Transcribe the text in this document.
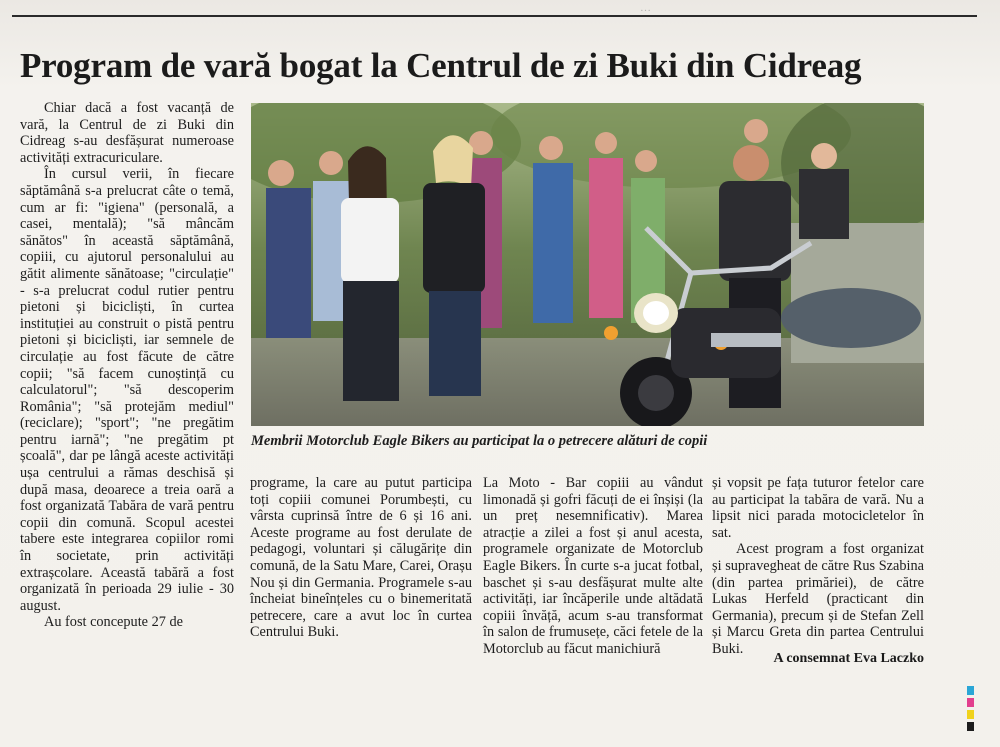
…
Program de vară bogat la Centrul de zi Buki din Cidreag

Chiar dacă a fost vacanță de vară, la Centrul de zi Buki din Cidreag s-au desfășurat numeroase activități extracuriculare.

În cursul verii, în fiecare săptămână s-a prelucrat câte o temă, cum ar fi: "igiena" (personală, a casei, mentală); "să mâncăm sănătos" în această săptămână, copiii, cu ajutorul personalului au gătit alimente sănătoase; "circulație" - s-a prelucrat codul rutier pentru pietoni și bicicliști, în curtea instituției au construit o pistă pentru pietoni și bicicliști, iar semnele de circulație au fost făcute de către copii; "să facem cunoștință cu calculatorul"; "să descoperim România"; "să protejăm mediul" (reciclare); "sport"; "ne pregătim pentru iarnă"; "ne pregătim pt școală", dar pe lângă aceste activități ușa centrului a rămas deschisă și după masa, deoarece a treia oară a fost organizată Tabăra de vară pentru copii din comună. Scopul acestei tabere este integrarea copiilor romi în societate, prin activități extrașcolare. Această tabără a fost organizată în perioada 29 iulie - 30 august.

Au fost concepute 27 de

Membrii Motorclub Eagle Bikers au participat la o petrecere alături de copii

programe, la care au putut participa toți copiii comunei Porumbești, cu vârsta cuprinsă între de 6 și 16 ani. Aceste programe au fost derulate de pedagogi, voluntari și călugărițe din comună, de la Satu Mare, Carei, Orașu Nou și din Germania. Programele s-au încheiat bineînțeles cu o binemeritată petrecere, care a avut loc în curtea Centrului Buki.

La Moto - Bar copiii au vândut limonadă și gofri făcuți de ei înșiși (la un preț nesemnificativ). Marea atracție a zilei a fost și anul acesta, programele organizate de Motorclub Eagle Bikers. În curte s-a jucat fotbal, baschet și s-au desfășurat multe alte activități, iar încăperile unde altădată copiii învăță, acum s-au transformat în salon de frumusețe, căci fetele de la Motorclub au făcut manichiură

și vopsit pe fața tuturor fetelor care au participat la tabăra de vară. Nu a lipsit nici parada motocicletelor în sat.

Acest program a fost organizat și supravegheat de către Rus Szabina (din partea primăriei), de către Lukas Herfeld (practicant din Germania), precum și de Stefan Zell și Marcu Greta din partea Centrului Buki.

A consemnat Eva Laczko
